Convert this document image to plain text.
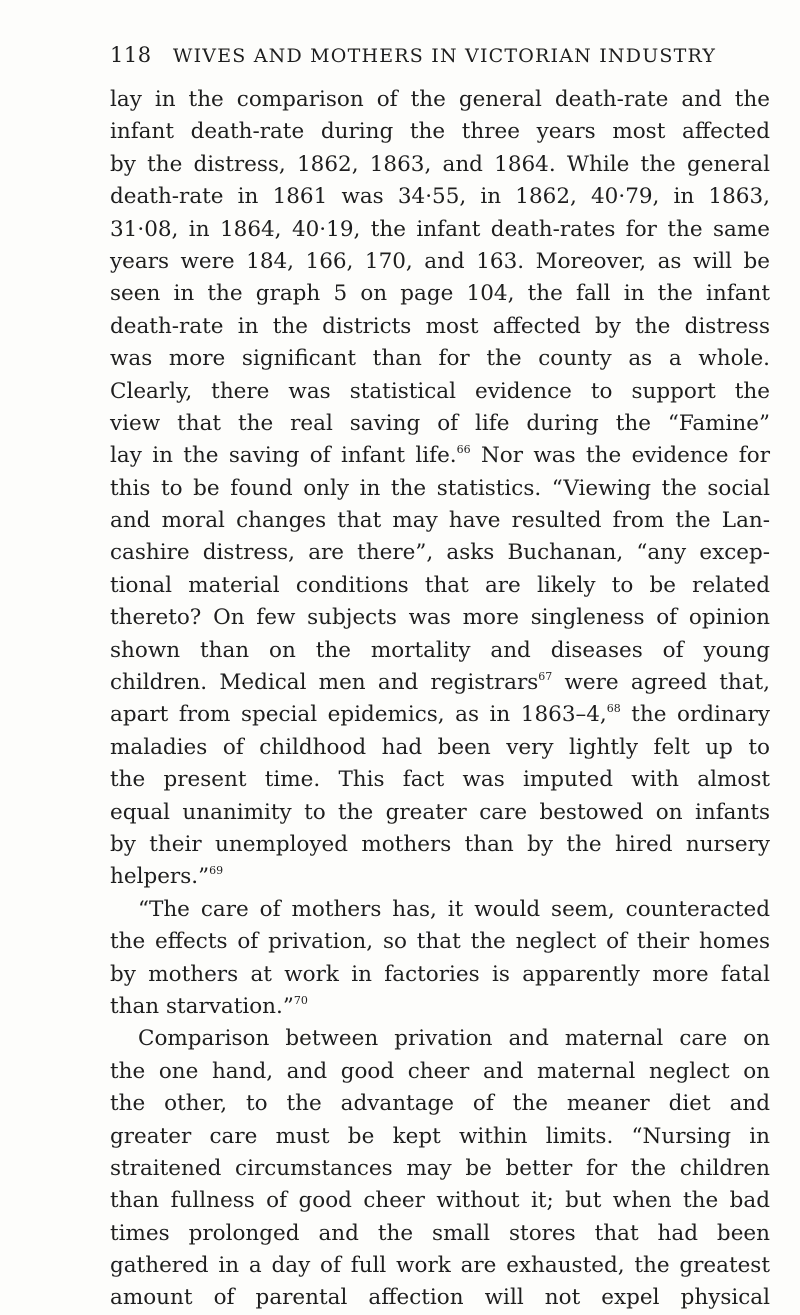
118 WIVES AND MOTHERS IN VICTORIAN INDUSTRY
lay in the comparison of the general death-rate and the
infant death-rate during the three years most affected
by the distress, 1862, 1863, and 1864. While the general
death-rate in 1861 was 34·55, in 1862, 40·79, in 1863,
31·08, in 1864, 40·19, the infant death-rates for the same
years were 184, 166, 170, and 163. Moreover, as will be
seen in the graph 5 on page 104, the fall in the infant
death-rate in the districts most affected by the distress
was more significant than for the county as a whole.
Clearly, there was statistical evidence to support the
view that the real saving of life during the “Famine”
lay in the saving of infant life.$^{66}$ Nor was the evidence for
this to be found only in the statistics. “Viewing the social
and moral changes that may have resulted from the Lan-
cashire distress, are there”, asks Buchanan, “any excep-
tional material conditions that are likely to be related
thereto? On few subjects was more singleness of opinion
shown than on the mortality and diseases of young
children. Medical men and registrars$^{67}$ were agreed that,
apart from special epidemics, as in 1863–4,68 the ordinary
maladies of childhood had been very lightly felt up to
the present time. This fact was imputed with almost
equal unanimity to the greater care bestowed on infants
by their unemployed mothers than by the hired nursery
helpers.”$^{69}$
“The care of mothers has, it would seem, counteracted
the effects of privation, so that the neglect of their homes
by mothers at work in factories is apparently more fatal
than starvation.”$^{70}$
Comparison between privation and maternal care on
the one hand, and good cheer and maternal neglect on
the other, to the advantage of the meaner diet and
greater care must be kept within limits. “Nursing in
straitened circumstances may be better for the children
than fullness of good cheer without it; but when the bad
times prolonged and the small stores that had been
gathered in a day of full work are exhausted, the greatest
amount of parental affection will not expel physical
